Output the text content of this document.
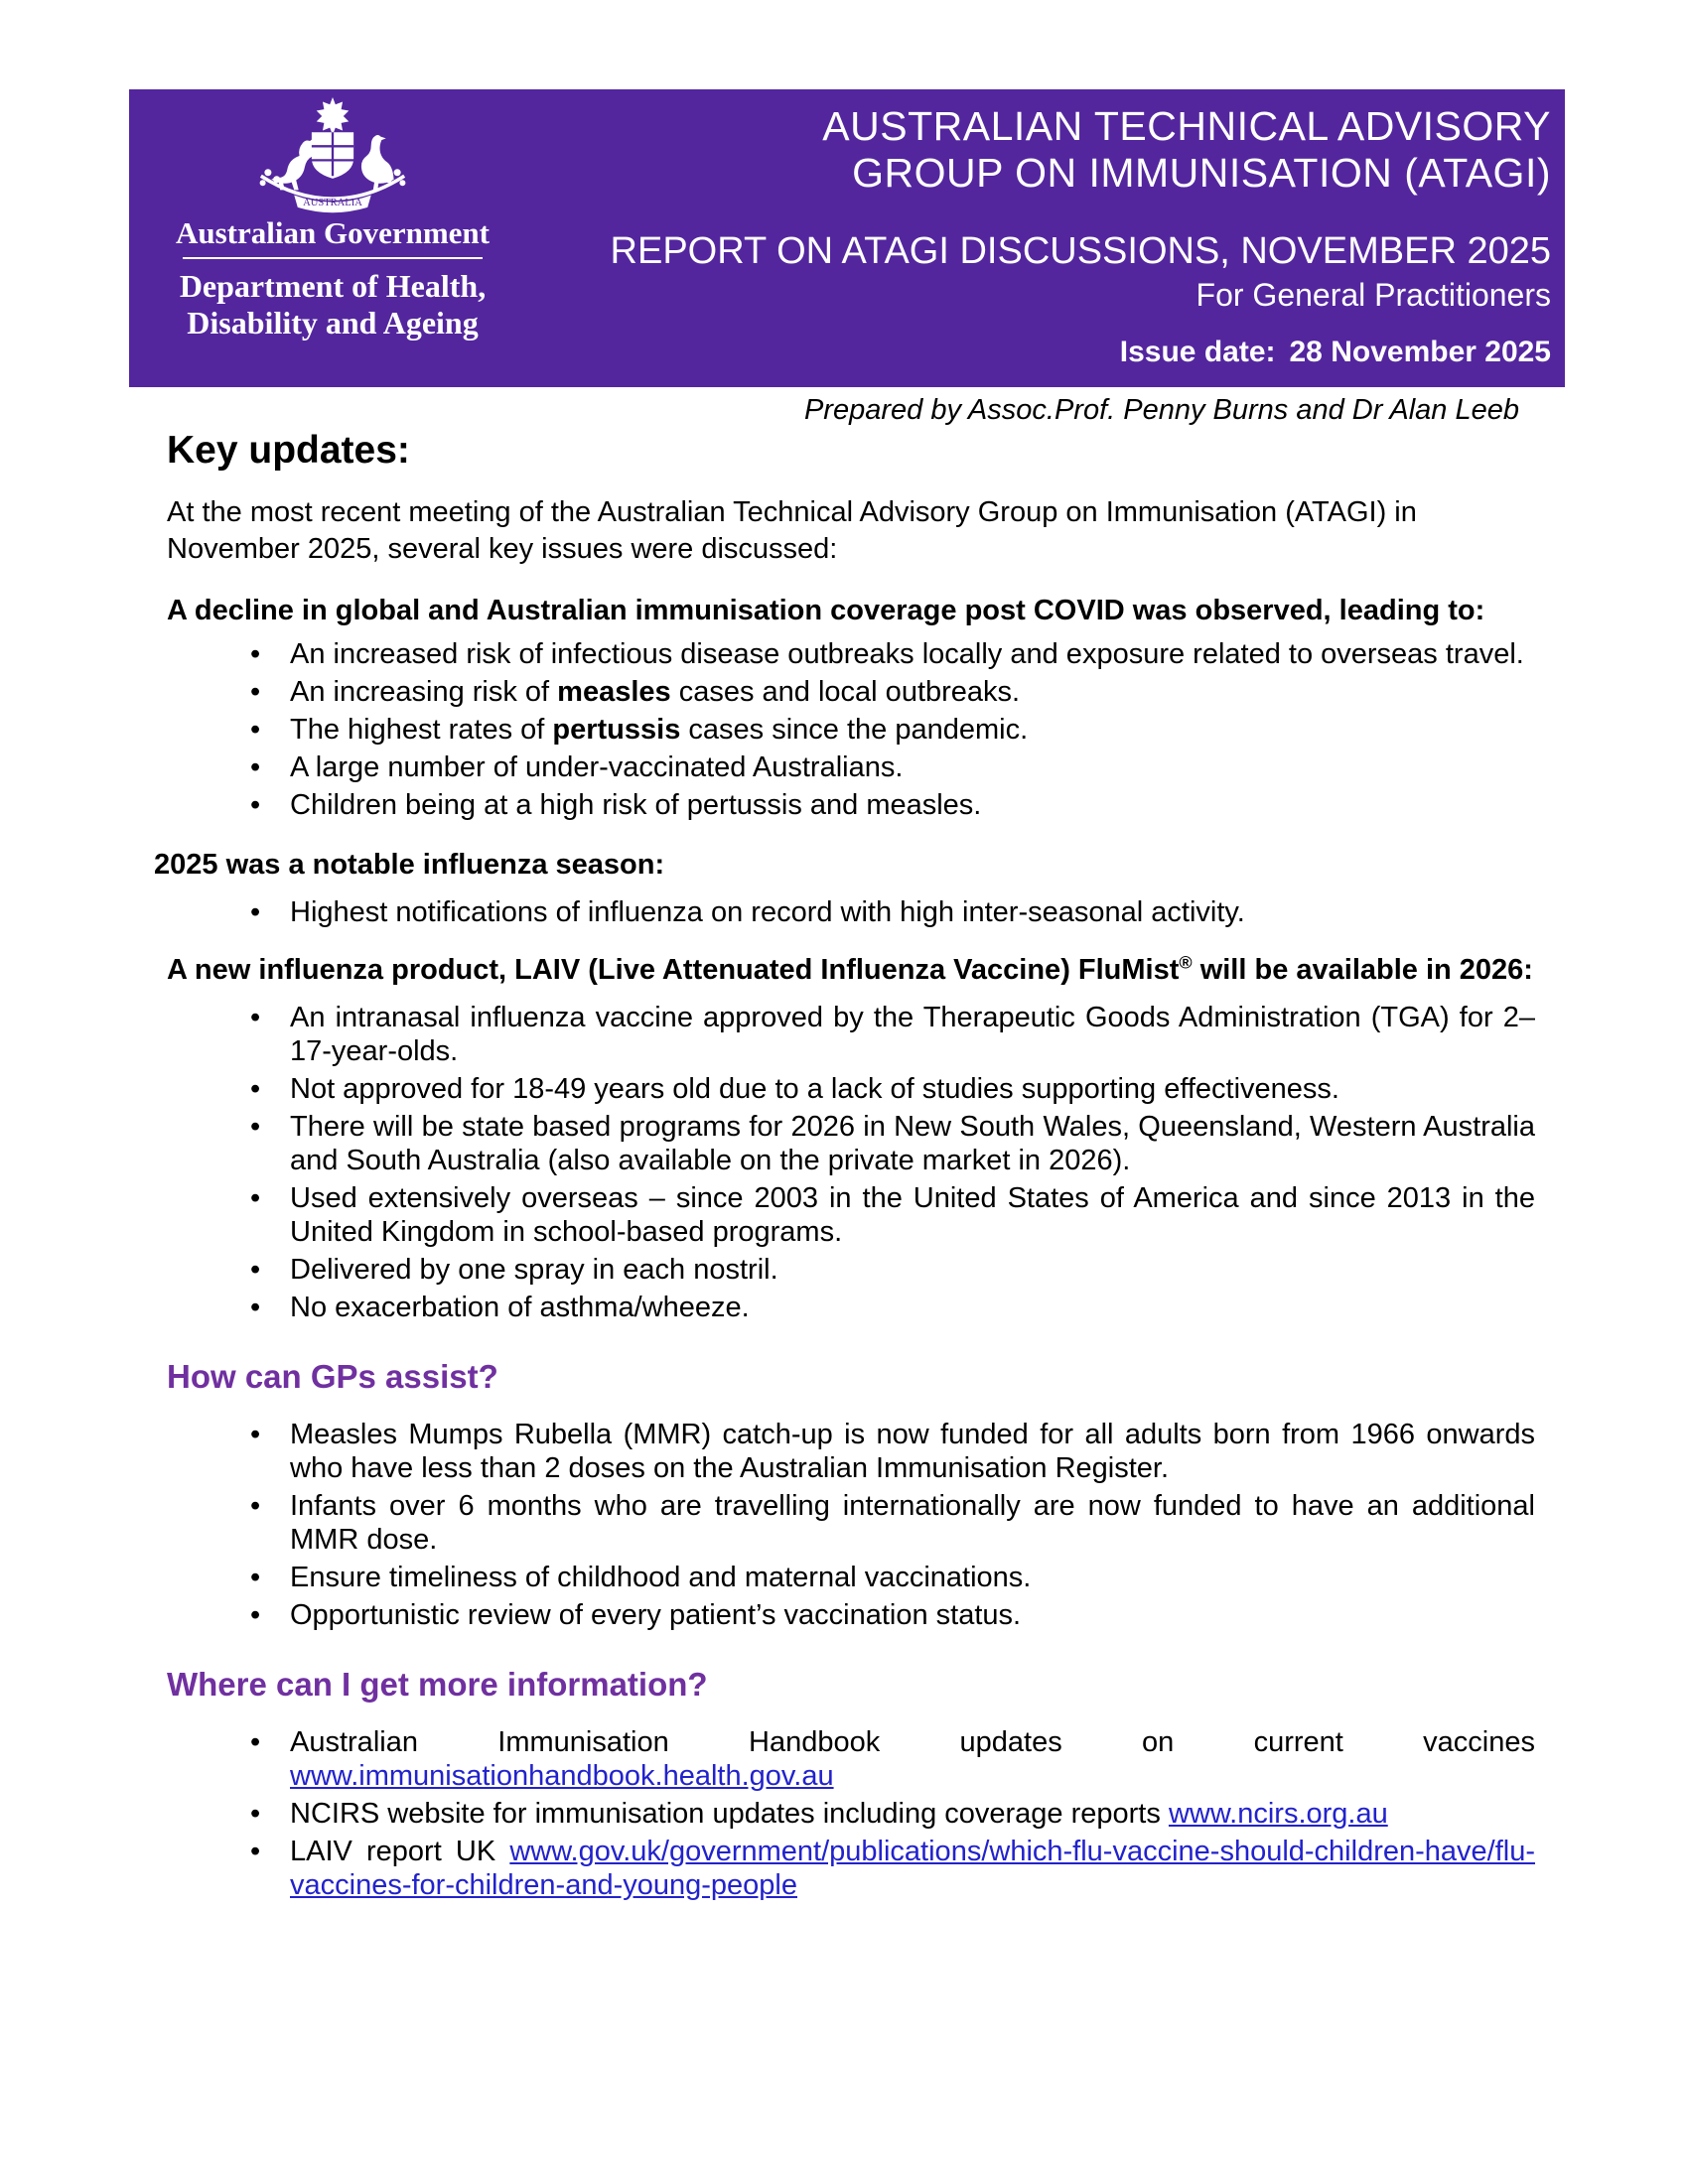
AUSTRALIA
Australian Government
Department of Health,
Disability and Ageing
AUSTRALIAN TECHNICAL ADVISORY
GROUP ON IMMUNISATION (ATAGI)
REPORT ON ATAGI DISCUSSIONS, NOVEMBER 2025
For General Practitioners
Issue date: 28 November 2025
Prepared by Assoc.Prof. Penny Burns and Dr Alan Leeb
Key updates:

At the most recent meeting of the Australian Technical Advisory Group on Immunisation (ATAGI) in November 2025, several key issues were discussed:

A decline in global and Australian immunisation coverage post COVID was observed, leading to:
• An increased risk of infectious disease outbreaks locally and exposure related to overseas travel.
• An increasing risk of measles cases and local outbreaks.
• The highest rates of pertussis cases since the pandemic.
• A large number of under-vaccinated Australians.
• Children being at a high risk of pertussis and measles.
2025 was a notable influenza season:
• Highest notifications of influenza on record with high inter-seasonal activity.
A new influenza product, LAIV (Live Attenuated Influenza Vaccine) FluMist® will be available in 2026:
• An intranasal influenza vaccine approved by the Therapeutic Goods Administration (TGA) for 2–17-year-olds.
• Not approved for 18-49 years old due to a lack of studies supporting effectiveness.
• There will be state based programs for 2026 in New South Wales, Queensland, Western Australia and South Australia (also available on the private market in 2026).
• Used extensively overseas – since 2003 in the United States of America and since 2013 in the United Kingdom in school-based programs.
• Delivered by one spray in each nostril.
• No exacerbation of asthma/wheeze.
How can GPs assist?
• Measles Mumps Rubella (MMR) catch-up is now funded for all adults born from 1966 onwards who have less than 2 doses on the Australian Immunisation Register.
• Infants over 6 months who are travelling internationally are now funded to have an additional MMR dose.
• Ensure timeliness of childhood and maternal vaccinations.
• Opportunistic review of every patient’s vaccination status.
Where can I get more information?
• Australian Immunisation Handbook updates on current vaccines www.immunisationhandbook.health.gov.au
• NCIRS website for immunisation updates including coverage reports www.ncirs.org.au
• LAIV report UK www.gov.uk/government/publications/which-flu-vaccine-should-children-have/flu-vaccines-for-children-and-young-people
